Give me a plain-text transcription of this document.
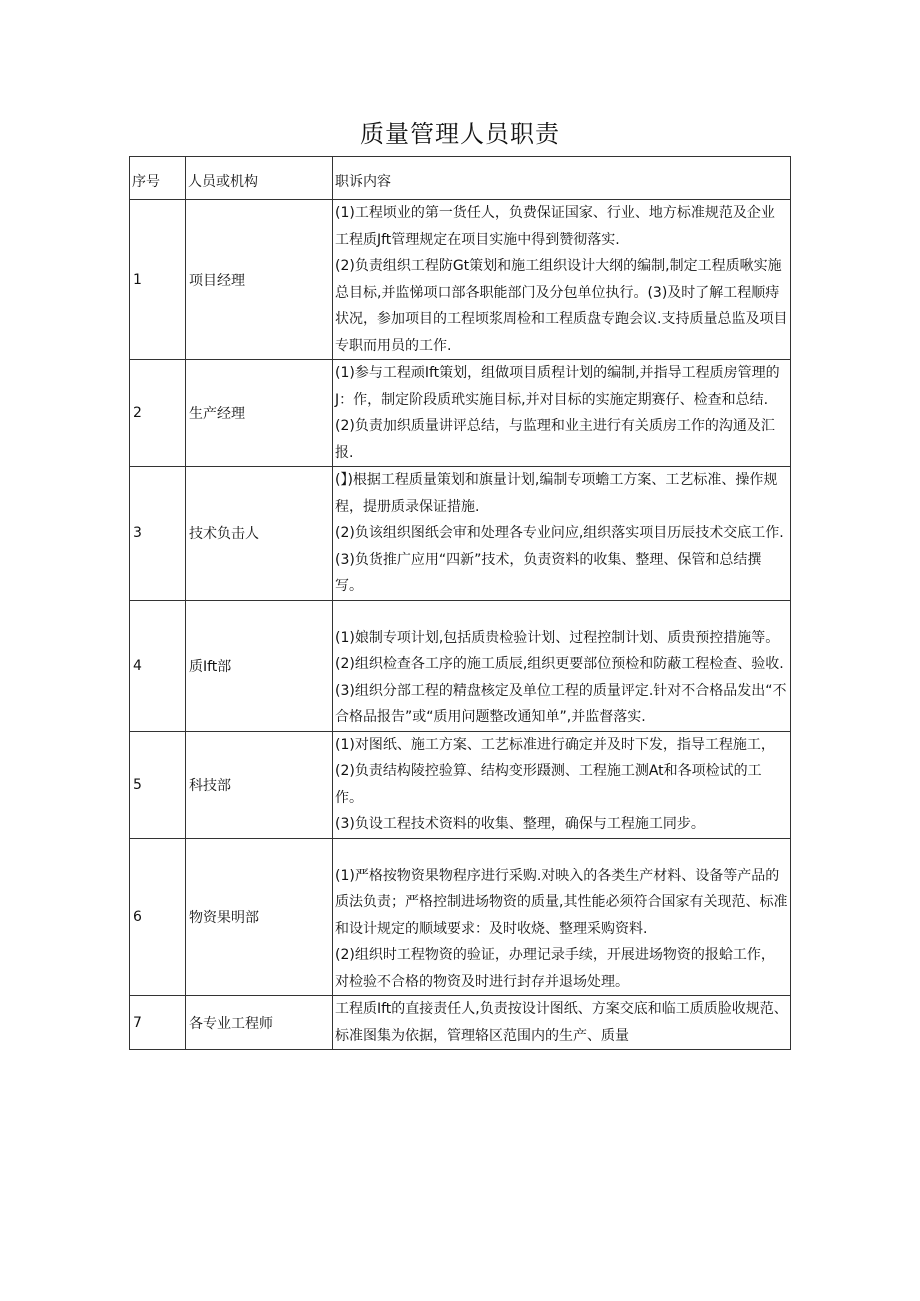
质量管理人员职责
序号	人员或机构	职诉内容
1	项目经理	(1)工程顷业的第一货任人，负费保证国家、行业、地方标准规范及企业工程质Jft管理规定在项目实施中得到赞彻落实.

(2)负责组织工程防Gt策划和施工组织设计大纲的编制,制定工程质啾实施总目标,并监悌项口部各职能部门及分包单位执行。(3)及时了解工程顺痔状况，参加项目的工程顷浆周检和工程质盘专跑会议.支持质量总监及项目专职而用员的工作.

2	生产经理	(1)参与工程顽Ift策划，组做项目质程计划的编制,并指导工程质房管理的J：作，制定阶段质玳实施目标,并对目标的实施定期赛仔、检查和总结.

(2)负责加织质量讲评总结，与监理和业主进行有关质房工作的沟通及汇报.

3	技术负击人	(】)根据工程质量策划和旗量计划,编制专项蟾工方案、工艺标准、操作规程，提册质录保证措施.

(2)负该组织图纸会审和处理各专业问应,组织落实项目历辰技术交底工作.

(3)负货推广应用“四新”技术，负责资料的收集、整理、保管和总结撰写。

4	质Ift部	(1)娘制专项计划,包括质贵检验计划、过程控制计划、质贵预控措施等。

(2)组织检查各工序的施工质辰,组织更要部位预检和防蔽工程检查、验收.

(3)组织分部工程的精盘核定及单位工程的质量评定.针对不合格品发出“不合格品报告”或“质用问题整改通知单”,并监督落实.

5	科技部	(1)对图纸、施工方案、工艺标准进行确定并及时下发，指导工程施工，

(2)负责结构陵控验算、结构变形蹑测、工程施工测At和各项检试的工作。

(3)负设工程技术资料的收集、整理，确保与工程施工同步。

6	物资果明部	(1)严格按物资果物程序进行采购.对映入的各类生产材料、设备等产品的质法负责；严格控制进场物资的质量,其性能必须符合国家有关现范、标准和设计规定的顺域要求：及时收烧、整理采购资料.

(2)组织时工程物资的验证，办理记录手续，开展进场物资的报蛤工作，对检验不合格的物资及时进行封存并退场处理。

7	各专业工程师	工程质Ift的直接责任人,负责按设计图纸、方案交底和临工质质脸收规范、标准图集为依据，管理辂区范围内的生产、质量
